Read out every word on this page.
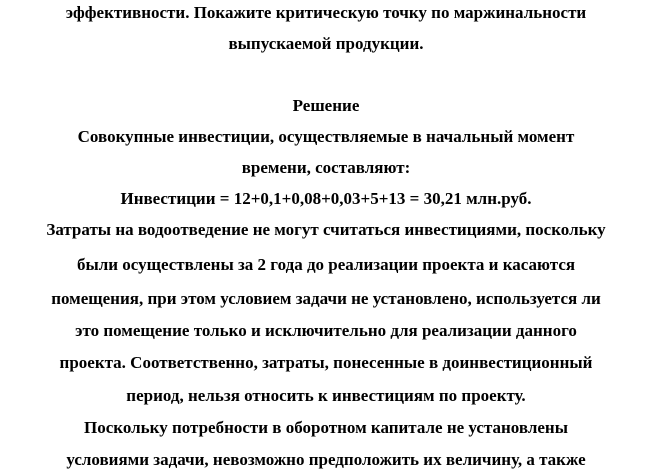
эффективности. Покажите критическую точку по маржинальности
выпускаемой продукции.
Решение
Совокупные инвестиции, осуществляемые в начальный момент
времени, составляют:
Инвестиции = 12+0,1+0,08+0,03+5+13 = 30,21 млн.руб.
Затраты на водоотведение не могут считаться инвестициями, поскольку
были осуществлены за 2 года до реализации проекта и касаются
помещения, при этом условием задачи не установлено, используется ли
это помещение только и исключительно для реализации данного
проекта. Соответственно, затраты, понесенные в доинвестиционный
период, нельзя относить к инвестициям по проекту.
Поскольку потребности в оборотном капитале не установлены
условиями задачи, невозможно предположить их величину, а также
